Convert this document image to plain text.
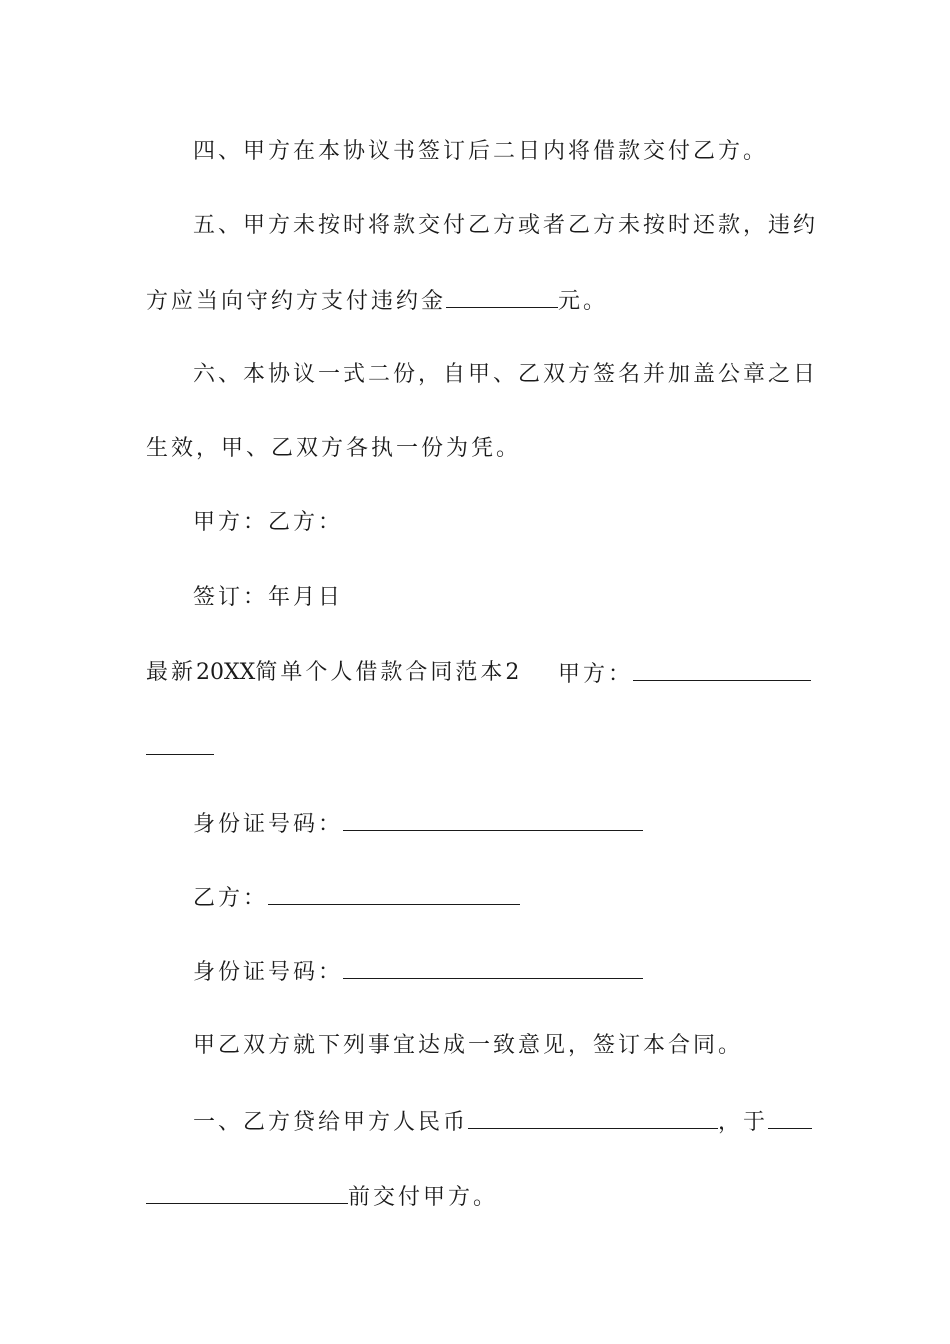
四、甲方在本协议书签订后二日内将借款交付乙方。

五、甲方未按时将款交付乙方或者乙方未按时还款，违约

方应当向守约方支付违约金	元。

六、本协议一式二份，自甲、乙双方签名并加盖公章之日

生效，甲、乙双方各执一份为凭。

甲方：乙方：

签订：年月日

最新20XX简单个人借款合同范本2 甲方：

身份证号码：

乙方：

身份证号码：

甲乙双方就下列事宜达成一致意见，签订本合同。

一、乙方贷给甲方人民币	，于

前交付甲方。
